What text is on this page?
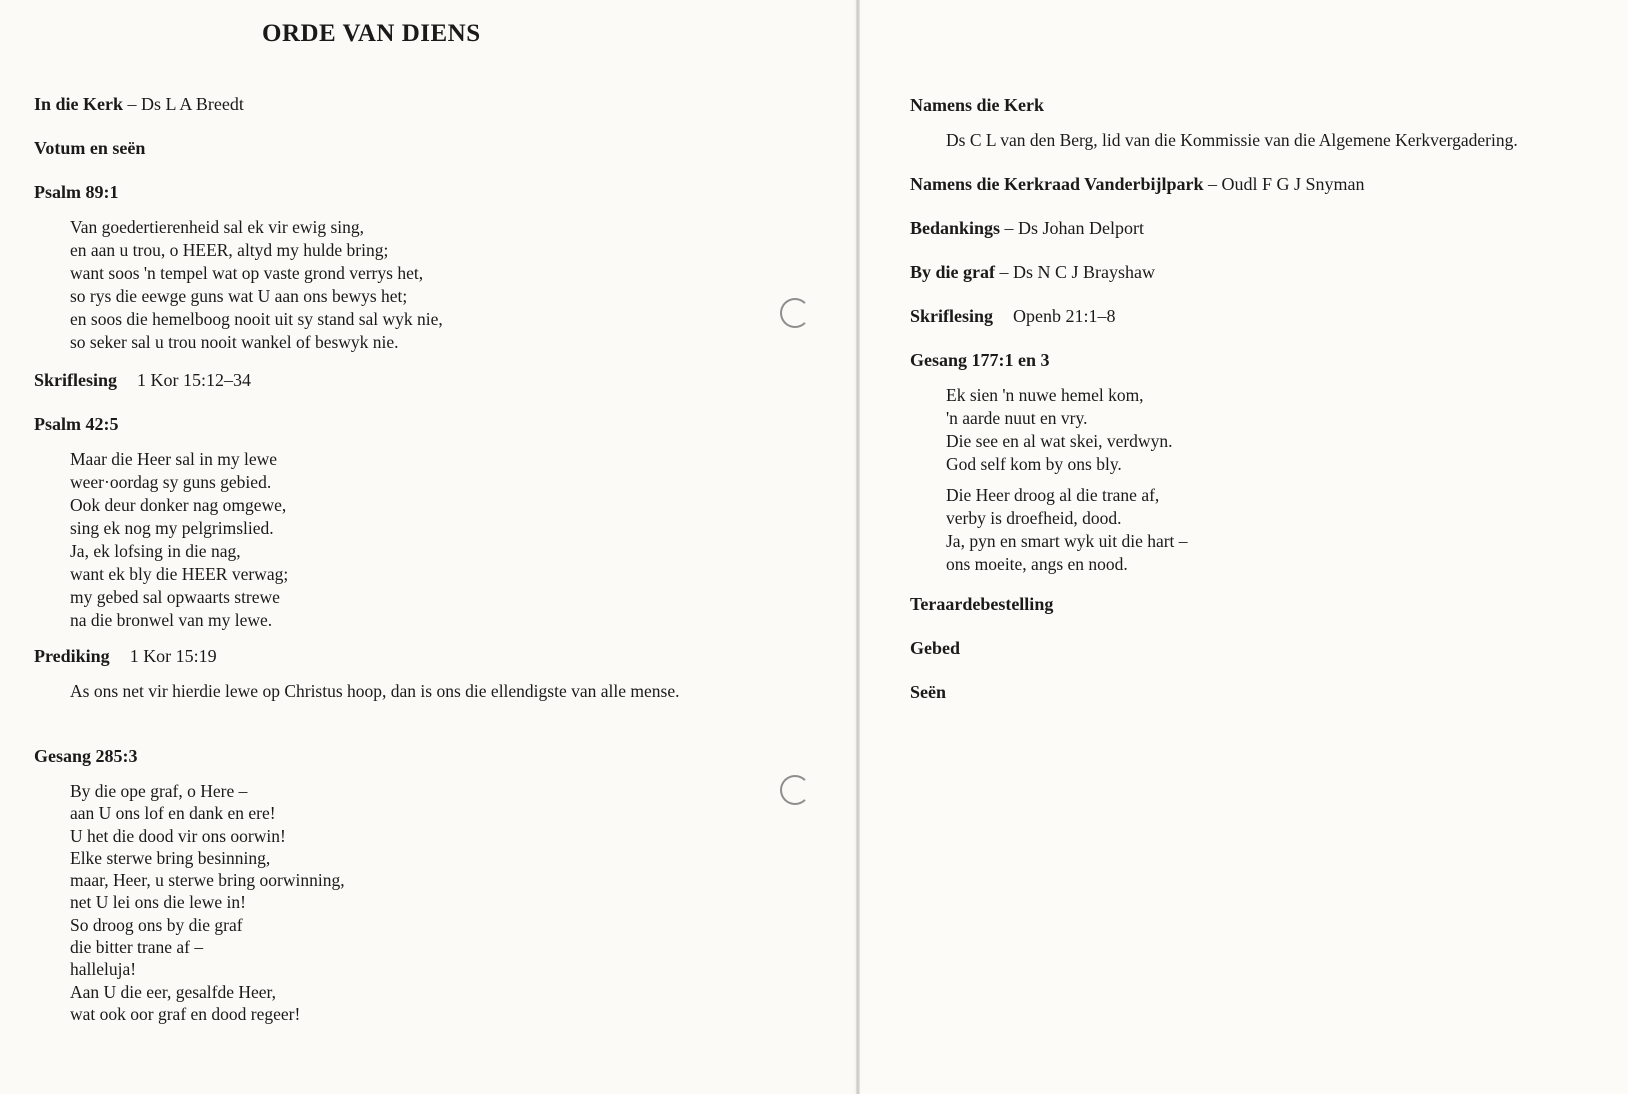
ORDE VAN DIENS
In die Kerk – Ds L A Breedt
Votum en seën
Psalm 89:1
Van goedertierenheid sal ek vir ewig sing,
en aan u trou, o HEER, altyd my hulde bring;
want soos 'n tempel wat op vaste grond verrys het,
so rys die eewge guns wat U aan ons bewys het;
en soos die hemelboog nooit uit sy stand sal wyk nie,
so seker sal u trou nooit wankel of beswyk nie.
Skriflesing 1 Kor 15:12–34
Psalm 42:5
Maar die Heer sal in my lewe
weer·oordag sy guns gebied.
Ook deur donker nag omgewe,
sing ek nog my pelgrimslied.
Ja, ek lofsing in die nag,
want ek bly die HEER verwag;
my gebed sal opwaarts strewe
na die bronwel van my lewe.
Prediking 1 Kor 15:19
As ons net vir hierdie lewe op Christus hoop, dan is ons die ellendigste van alle mense.
Gesang 285:3
By die ope graf, o Here –
aan U ons lof en dank en ere!
U het die dood vir ons oorwin!
Elke sterwe bring besinning,
maar, Heer, u sterwe bring oorwinning,
net U lei ons die lewe in!
So droog ons by die graf
die bitter trane af –
halleluja!
Aan U die eer, gesalfde Heer,
wat ook oor graf en dood regeer!
Namens die Kerk
Ds C L van den Berg, lid van die Kommissie van die Algemene Kerkvergadering.
Namens die Kerkraad Vanderbijlpark – Oudl F G J Snyman
Bedankings – Ds Johan Delport
By die graf – Ds N C J Brayshaw
Skriflesing Openb 21:1–8
Gesang 177:1 en 3
Ek sien 'n nuwe hemel kom,
'n aarde nuut en vry.
Die see en al wat skei, verdwyn.
God self kom by ons bly.
Die Heer droog al die trane af,
verby is droefheid, dood.
Ja, pyn en smart wyk uit die hart –
ons moeite, angs en nood.
Teraardebestelling
Gebed
Seën
